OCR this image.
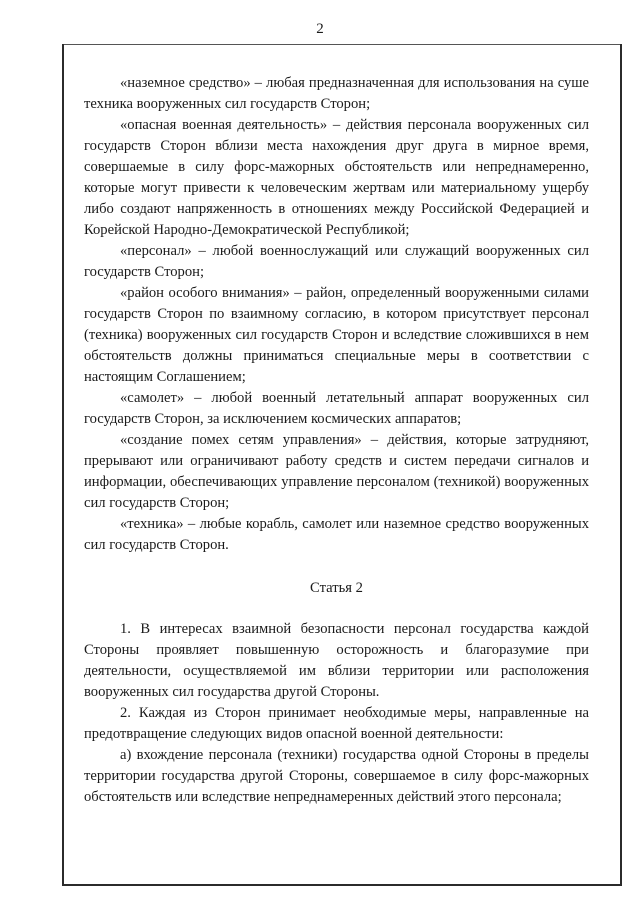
2

«наземное средство» – любая предназначенная для использования на суше техника вооруженных сил государств Сторон;

«опасная военная деятельность» – действия персонала вооруженных сил государств Сторон вблизи места нахождения друг друга в мирное время, совершаемые в силу форс-мажорных обстоятельств или непреднамеренно, которые могут привести к человеческим жертвам или материальному ущербу либо создают напряженность в отношениях между Российской Федерацией и Корейской Народно-Демократической Республикой;

«персонал» – любой военнослужащий или служащий вооруженных сил государств Сторон;

«район особого внимания» – район, определенный вооруженными силами государств Сторон по взаимному согласию, в котором присутствует персонал (техника) вооруженных сил государств Сторон и вследствие сложившихся в нем обстоятельств должны приниматься специальные меры в соответствии с настоящим Соглашением;

«самолет» – любой военный летательный аппарат вооруженных сил государств Сторон, за исключением космических аппаратов;

«создание помех сетям управления» – действия, которые затрудняют, прерывают или ограничивают работу средств и систем передачи сигналов и информации, обеспечивающих управление персоналом (техникой) вооруженных сил государств Сторон;

«техника» – любые корабль, самолет или наземное средство вооруженных сил государств Сторон.

Статья 2

1. В интересах взаимной безопасности персонал государства каждой Стороны проявляет повышенную осторожность и благоразумие при деятельности, осуществляемой им вблизи территории или расположения вооруженных сил государства другой Стороны.

2. Каждая из Сторон принимает необходимые меры, направленные на предотвращение следующих видов опасной военной деятельности:

а) вхождение персонала (техники) государства одной Стороны в пределы территории государства другой Стороны, совершаемое в силу форс-мажорных обстоятельств или вследствие непреднамеренных действий этого персонала;
